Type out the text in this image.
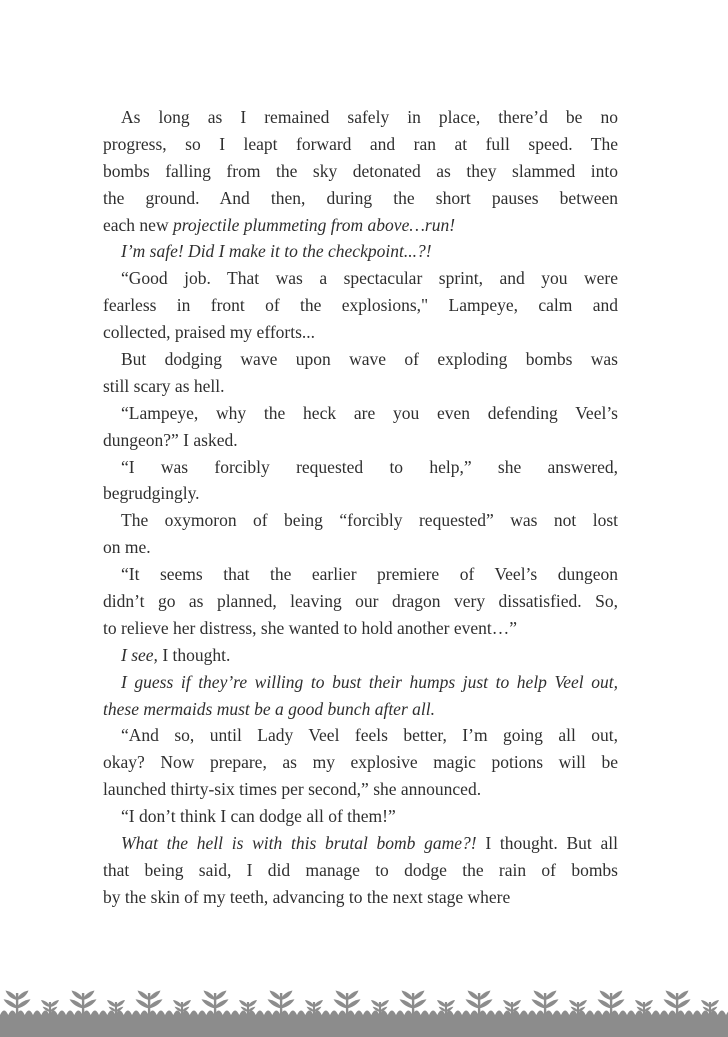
As long as I remained safely in place, there’d be no
progress, so I leapt forward and ran at full speed. The
bombs falling from the sky detonated as they slammed into
the ground. And then, during the short pauses between
each new projectile plummeting from above…run!
I’m safe! Did I make it to the checkpoint...?!
“Good job. That was a spectacular sprint, and you were
fearless in front of the explosions," Lampeye, calm and
collected, praised my efforts...
But dodging wave upon wave of exploding bombs was
still scary as hell.
“Lampeye, why the heck are you even defending Veel’s
dungeon?” I asked.
“I was forcibly requested to help,” she answered,
begrudgingly.
The oxymoron of being “forcibly requested” was not lost
on me.
“It seems that the earlier premiere of Veel’s dungeon
didn’t go as planned, leaving our dragon very dissatisfied. So,
to relieve her distress, she wanted to hold another event…”
I see, I thought.
I guess if they’re willing to bust their humps just to help Veel out,
these mermaids must be a good bunch after all.
“And so, until Lady Veel feels better, I’m going all out,
okay? Now prepare, as my explosive magic potions will be
launched thirty-six times per second,” she announced.
“I don’t think I can dodge all of them!”
What the hell is with this brutal bomb game?! I thought. But all
that being said, I did manage to dodge the rain of bombs
by the skin of my teeth, advancing to the next stage where
